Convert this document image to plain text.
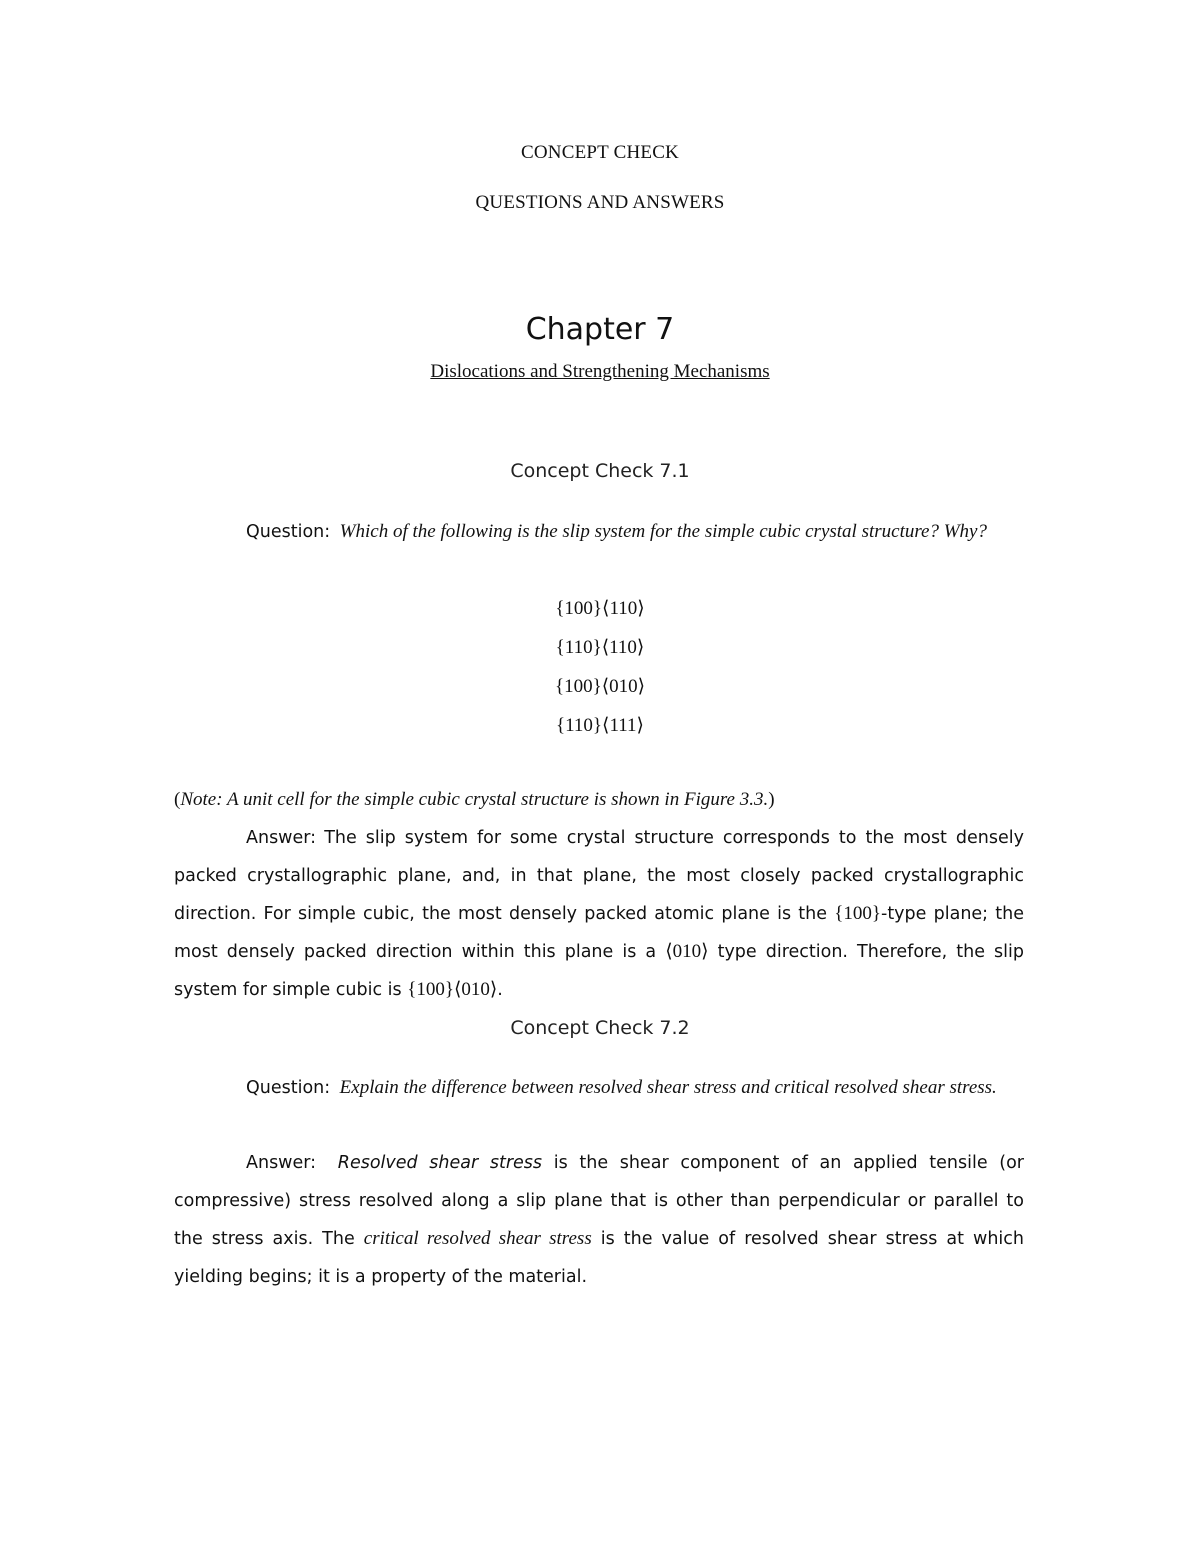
CONCEPT CHECK
QUESTIONS AND ANSWERS
Chapter 7
Dislocations and Strengthening Mechanisms
Concept Check 7.1
Question: Which of the following is the slip system for the simple cubic crystal structure? Why?
{100}⟨110⟩
{110}⟨110⟩
{100}⟨010⟩
{110}⟨111⟩
(Note: A unit cell for the simple cubic crystal structure is shown in Figure 3.3.)
Answer: The slip system for some crystal structure corresponds to the most densely packed crystallographic plane, and, in that plane, the most closely packed crystallographic direction. For simple cubic, the most densely packed atomic plane is the {100}-type plane; the most densely packed direction within this plane is a ⟨010⟩ type direction. Therefore, the slip system for simple cubic is {100}⟨010⟩.
Concept Check 7.2
Question: Explain the difference between resolved shear stress and critical resolved shear stress.
Answer: Resolved shear stress is the shear component of an applied tensile (or compressive) stress resolved along a slip plane that is other than perpendicular or parallel to the stress axis. The critical resolved shear stress is the value of resolved shear stress at which yielding begins; it is a property of the material.
